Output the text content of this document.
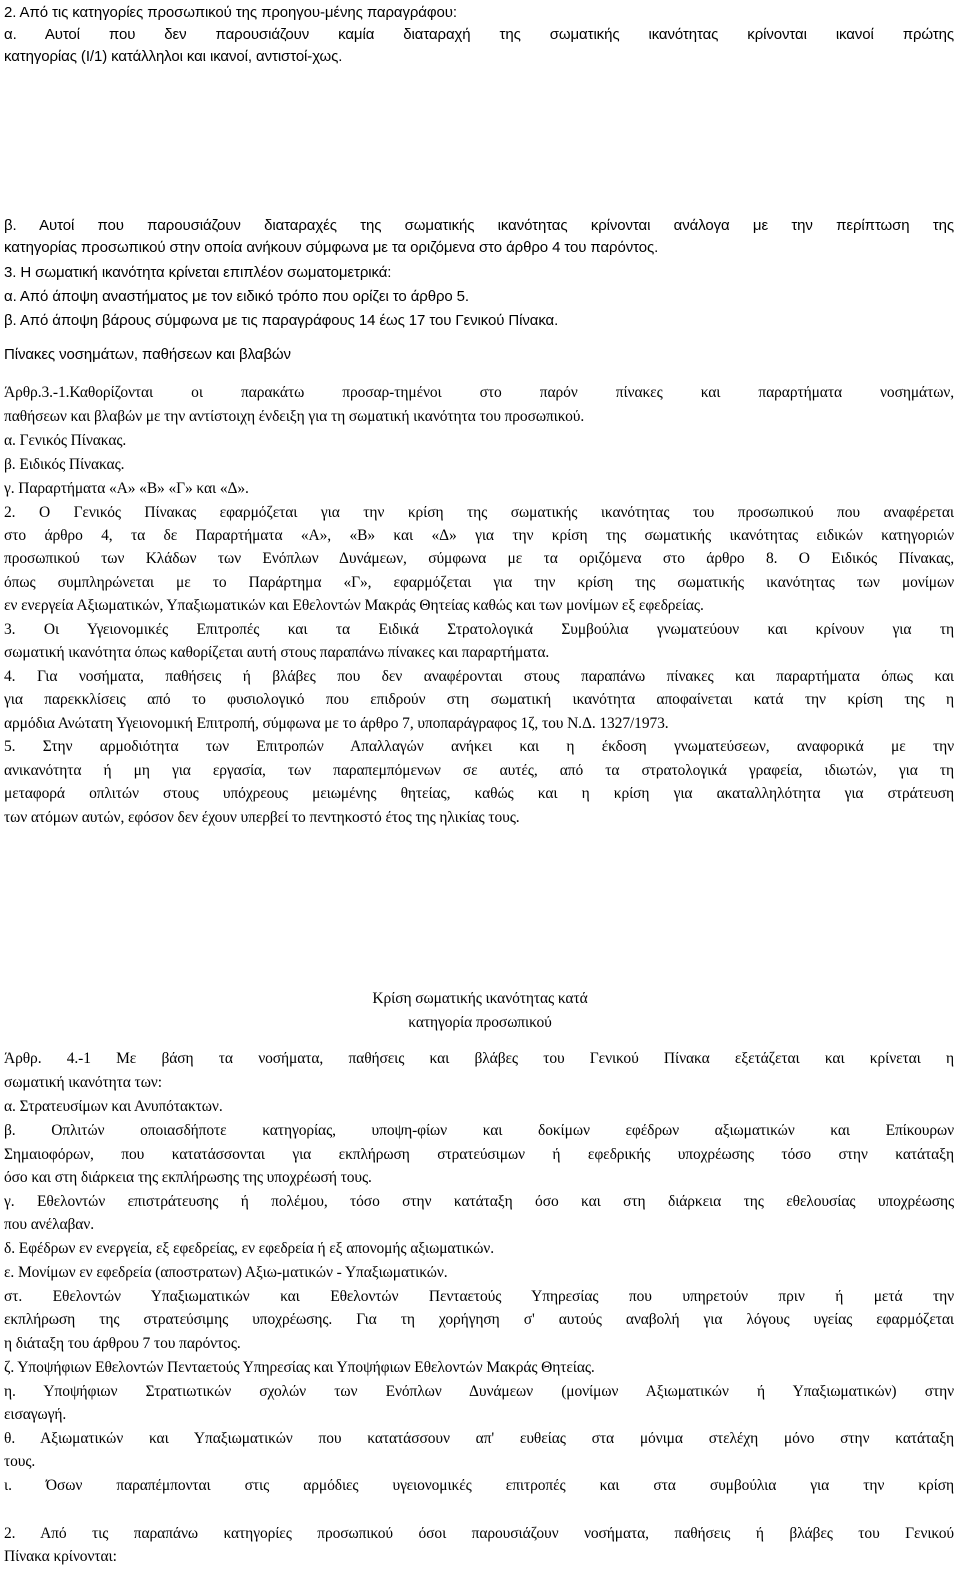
2. Από τις κατηγορίες προσωπικού της προηγου-μένης παραγράφου:

α. Αυτοί που δεν παρουσιάζουν καμία διαταραχή της σωματικής ικανότητας κρίνονται ικανοί πρώτης

κατηγορίας (Ι/1) κατάλληλοι και ικανοί, αντιστοί-χως.

β. Αυτοί που παρουσιάζουν διαταραχές της σωματικής ικανότητας κρίνονται ανάλογα με την περίπτωση της

κατηγορίας προσωπικού στην οποία ανήκουν σύμφωνα με τα οριζόμενα στο άρθρο 4 του παρόντος.

3. Η σωματική ικανότητα κρίνεται επιπλέον σωματομετρικά:

α. Από άποψη αναστήματος με τον ειδικό τρόπο που ορίζει το άρθρο 5.

β. Από άποψη βάρους σύμφωνα με τις παραγράφους 14 έως 17 του Γενικού Πίνακα.

Πίνακες νοσημάτων, παθήσεων και βλαβών

Άρθρ.3.-1.Καθορίζονται οι παρακάτω προσαρ-τημένοι στο παρόν πίνακες και παραρτήματα νοσημάτων,

παθήσεων και βλαβών με την αντίστοιχη ένδειξη για τη σωματική ικανότητα του προσωπικού.

α. Γενικός Πίνακας.

β. Ειδικός Πίνακας.

γ. Παραρτήματα «Α» «Β» «Γ» και «Δ».

2. Ο Γενικός Πίνακας εφαρμόζεται για την κρίση της σωματικής ικανότητας του προσωπικού που αναφέρεται

στο άρθρο 4, τα δε Παραρτήματα «Α», «Β» και «Δ» για την κρίση της σωματικής ικανότητας ειδικών κατηγοριών

προσωπικού των Κλάδων των Ενόπλων Δυνάμεων, σύμφωνα με τα οριζόμενα στο άρθρο 8. Ο Ειδικός Πίνακας,

όπως συμπληρώνεται με το Παράρτημα «Γ», εφαρμόζεται για την κρίση της σωματικής ικανότητας των μονίμων

εν ενεργεία Αξιωματικών, Υπαξιωματικών και Εθελοντών Μακράς Θητείας καθώς και των μονίμων εξ εφεδρείας.

3. Οι Υγειονομικές Επιτροπές και τα Ειδικά Στρατολογικά Συμβούλια γνωματεύουν και κρίνουν για τη

σωματική ικανότητα όπως καθορίζεται αυτή στους παραπάνω πίνακες και παραρτήματα.

4. Για νοσήματα, παθήσεις ή βλάβες που δεν αναφέρονται στους παραπάνω πίνακες και παραρτήματα όπως και

για παρεκκλίσεις από το φυσιολογικό που επιδρούν στη σωματική ικανότητα αποφαίνεται κατά την κρίση της η

αρμόδια Ανώτατη Υγειονομική Επιτροπή, σύμφωνα με το άρθρο 7, υποπαράγραφος 1ζ, του Ν.Δ. 1327/1973.

5. Στην αρμοδιότητα των Επιτροπών Απαλλαγών ανήκει και η έκδοση γνωματεύσεων, αναφορικά με την

ανικανότητα ή μη για εργασία, των παραπεμπόμενων σε αυτές, από τα στρατολογικά γραφεία, ιδιωτών, για τη

μεταφορά οπλιτών στους υπόχρεους μειωμένης θητείας, καθώς και η κρίση για ακαταλληλότητα για στράτευση

των ατόμων αυτών, εφόσον δεν έχουν υπερβεί το πεντηκοστό έτος της ηλικίας τους.

Κρίση σωματικής ικανότητας κατά

κατηγορία προσωπικού

Άρθρ. 4.-1 Με βάση τα νοσήματα, παθήσεις και βλάβες του Γενικού Πίνακα εξετάζεται και κρίνεται η

σωματική ικανότητα των:

α. Στρατευσίμων και Ανυπότακτων.

β. Οπλιτών οποιασδήποτε κατηγορίας, υποψη-φίων και δοκίμων εφέδρων αξιωματικών και Επίκουρων

Σημαιοφόρων, που κατατάσσονται για εκπλήρωση στρατεύσιμων ή εφεδρικής υποχρέωσης τόσο στην κατάταξη

όσο και στη διάρκεια της εκπλήρωσης της υποχρέωσή τους.

γ. Εθελοντών επιστράτευσης ή πολέμου, τόσο στην κατάταξη όσο και στη διάρκεια της εθελουσίας υποχρέωσης

που ανέλαβαν.

δ. Εφέδρων εν ενεργεία, εξ εφεδρείας, εν εφεδρεία ή εξ απονομής αξιωματικών.

ε. Μονίμων εν εφεδρεία (αποστρατων) Αξιω-ματικών - Υπαξιωματικών.

στ. Εθελοντών Υπαξιωματικών και Εθελοντών Πενταετούς Υπηρεσίας που υπηρετούν πριν ή μετά την

εκπλήρωση της στρατεύσιμης υποχρέωσης. Για τη χορήγηση σ' αυτούς αναβολή για λόγους υγείας εφαρμόζεται

η διάταξη του άρθρου 7 του παρόντος.

ζ. Υποψήφιων Εθελοντών Πενταετούς Υπηρεσίας και Υποψήφιων Εθελοντών Μακράς Θητείας.

η. Υποψήφιων Στρατιωτικών σχολών των Ενόπλων Δυνάμεων (μονίμων Αξιωματικών ή Υπαξιωματικών) στην

εισαγωγή.

θ. Αξιωματικών και Υπαξιωματικών που κατατάσσουν απ' ευθείας στα μόνιμα στελέχη μόνο στην κατάταξη

τους.

ι. Όσων παραπέμπονται στις αρμόδιες υγειονομικές επιτροπές και στα συμβούλια για την κρίση

2. Από τις παραπάνω κατηγορίες προσωπικού όσοι παρουσιάζουν νοσήματα, παθήσεις ή βλάβες του Γενικού

Πίνακα κρίνονται:
